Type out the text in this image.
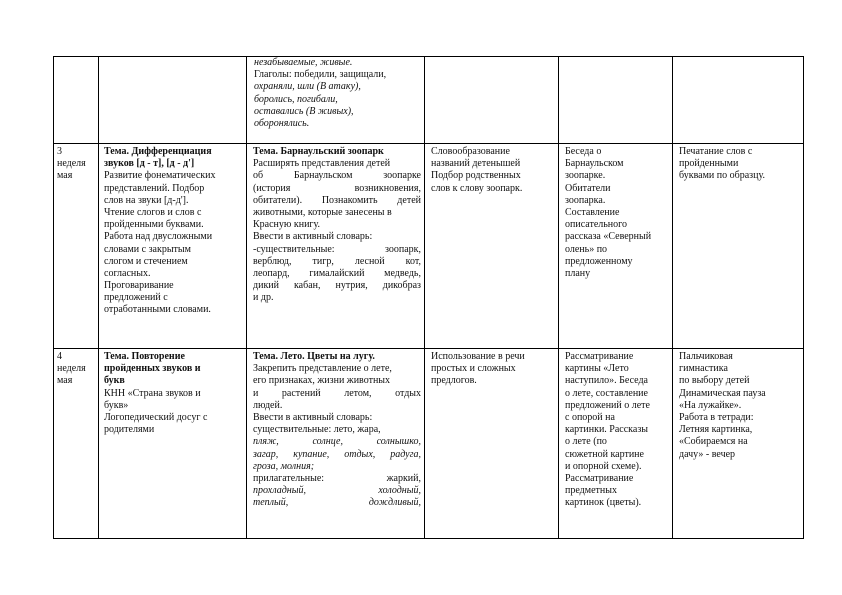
незабываемые, живые.
Глаголы: победили, защищали,
охраняли, шли (В атаку),
боролись, погибали,
оставались (В живых),
оборонялись.
3
неделя
мая
Тема. Дифференциация
звуков [д - т], [д - д']
Развитие фонематических
представлений. Подбор
слов на звуки [д-д'].
Чтение слогов и слов с
пройденными буквами.
Работа над двусложными
словами с закрытым
слогом и стечением
согласных.
Проговаривание
предложений с
отработанными словами.
Тема. Барнаульский зоопарк
Расширять представления детей
об Барнаульском зоопарке
(история возникновения,
обитатели). Познакомить детей
животными, которые занесены в
Красную книгу.
Ввести в активный словарь:
-существительные: зоопарк,
верблюд, тигр, лесной кот,
леопард, гималайский медведь,
дикий кабан, нутрия, дикобраз
и др.
Словообразование
названий детенышей
Подбор родственных
слов к слову зоопарк.
Беседа о
Барнаульском
зоопарке.
Обитатели
зоопарка.
Составление
описательного
рассказа «Северный
олень» по
предложенному
плану
Печатание слов с
пройденными
буквами по образцу.
4
неделя
мая
Тема. Повторение
пройденных звуков и
букв
КНН «Страна звуков и
букв»
Логопедический досуг с
родителями
Тема. Лето. Цветы на лугу.
Закрепить представление о лете,
его признаках, жизни животных
и растений летом, отдых
людей.
Ввести в активный словарь:
существительные: лето, жара,
пляж, солнце, солнышко,
загар, купание, отдых, радуга,
гроза, молния;
прилагательные: жаркий,
прохладный, холодный,
теплый, дождливый,
Использование в речи
простых и сложных
предлогов.
Рассматривание
картины «Лето
наступило». Беседа
о лете, составление
предложений о лете
с опорой на
картинки. Рассказы
о лете (по
сюжетной картине
и опорной схеме).
Рассматривание
предметных
картинок (цветы).
Пальчиковая
гимнастика
по выбору детей
Динамическая пауза
«На лужайке».
Работа в тетради:
Летняя картинка,
«Собираемся на
дачу» - вечер
